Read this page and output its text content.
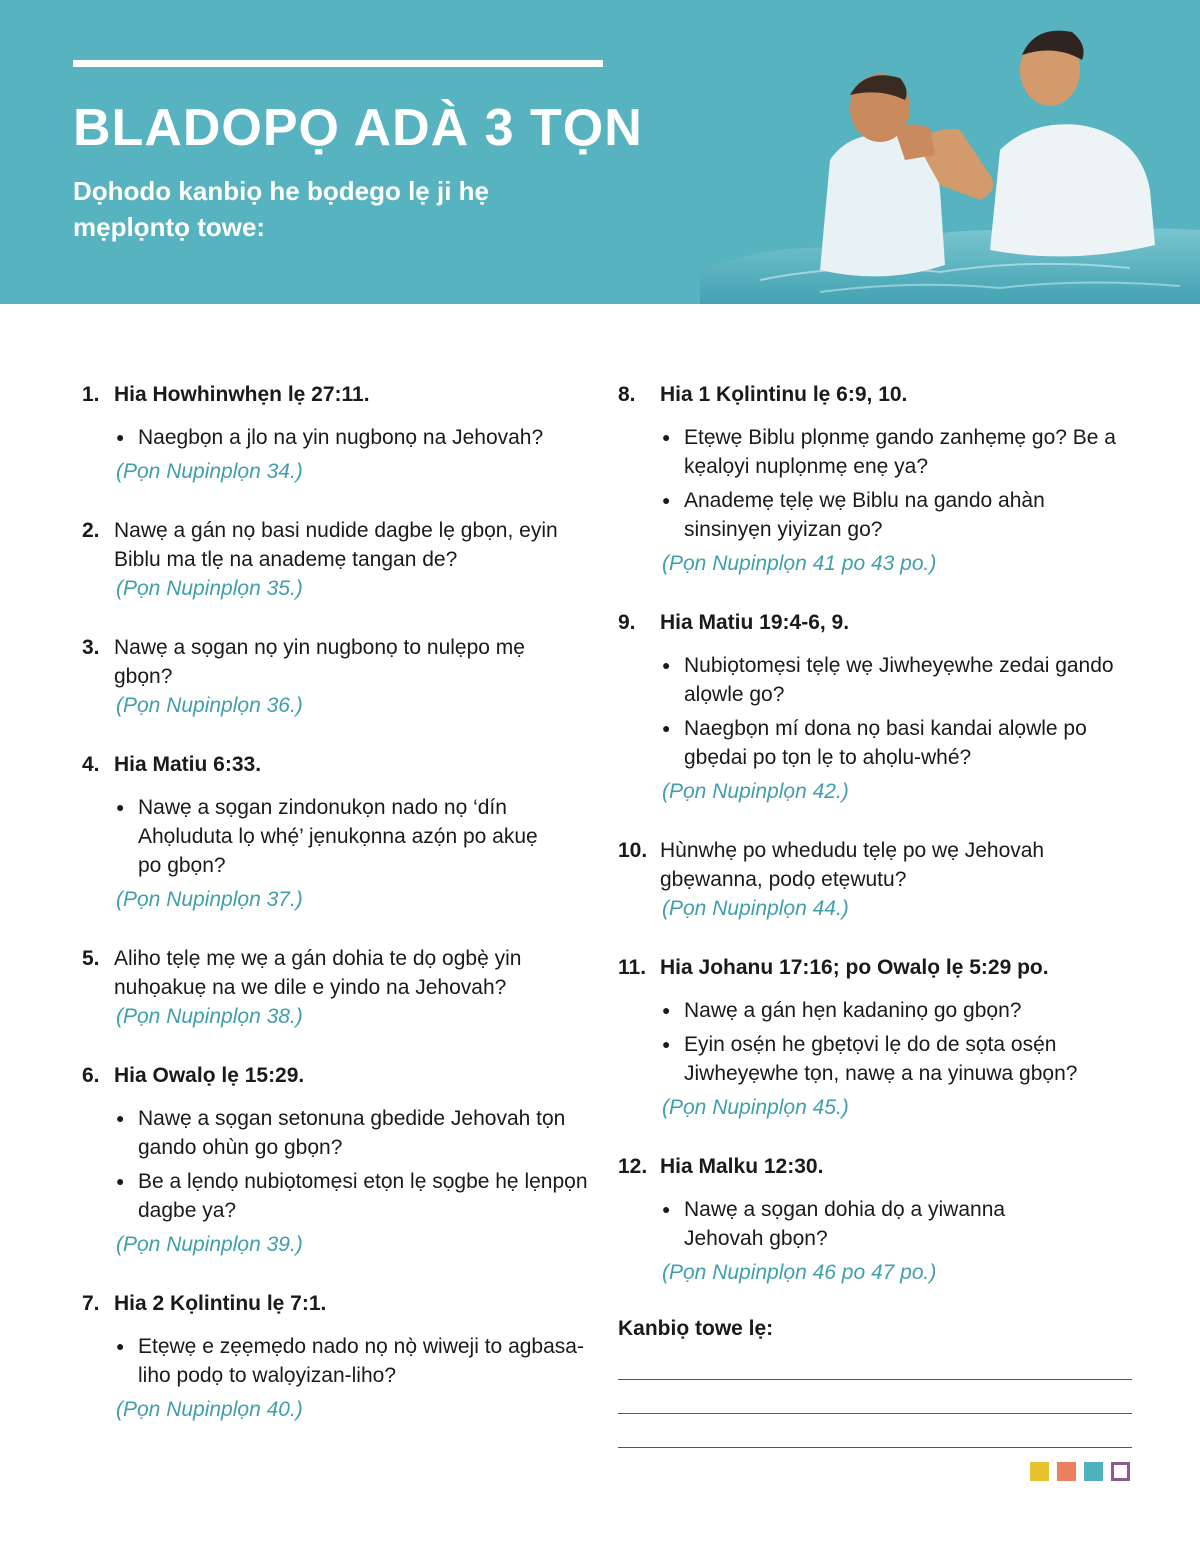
BLADOPỌ ADÀ 3 TỌN
Dọhodo kanbiọ he bọdego lẹ ji hẹ mẹplọntọ towe:
1. Hia Howhinwhẹn lẹ 27:11.
● Naegbọn a jlo na yin nugbonọ na Jehovah?
(Pọn Nupinplọn 34.)
2. Nawẹ a gán nọ basi nudide dagbe lẹ gbọn, eyin Biblu ma tlẹ na anademẹ tangan de?
(Pọn Nupinplọn 35.)
3. Nawẹ a sọgan nọ yin nugbonọ to nulẹpo mẹ gbọn?
(Pọn Nupinplọn 36.)
4. Hia Matiu 6:33.
● Nawẹ a sọgan zindonukọn nado nọ ‘dín Ahọluduta lọ whẹ́’ jẹnukọnna azọ́n po akuẹ po gbọn?
(Pọn Nupinplọn 37.)
5. Aliho tẹlẹ mẹ wẹ a gán dohia te dọ ogbẹ̀ yin nuhọakuẹ na we dile e yindo na Jehovah?
(Pọn Nupinplọn 38.)
6. Hia Owalọ lẹ 15:29.
● Nawẹ a sọgan setonuna gbedide Jehovah tọn gando ohùn go gbọn?
● Be a lẹndọ nubiọtomẹsi etọn lẹ sọgbe hẹ lẹnpọn dagbe ya?
(Pọn Nupinplọn 39.)
7. Hia 2 Kọlintinu lẹ 7:1.
● Etẹwẹ e zẹẹmẹdo nado nọ nọ̀ wiweji to agbasa-liho podọ to walọyizan-liho?
(Pọn Nupinplọn 40.)
8.	Hia 1 Kọlintinu lẹ 6:9, 10.
● Etẹwẹ Biblu plọnmẹ gando zanhẹmẹ go? Be a kẹalọyi nuplọnmẹ enẹ ya?
● Anademẹ tẹlẹ wẹ Biblu na gando ahàn sinsinyẹn yiyizan go?
(Pọn Nupinplọn 41 po 43 po.)
9.	Hia Matiu 19:4-6, 9.
● Nubiọtomẹsi tẹlẹ wẹ Jiwheyẹwhe zedai gando alọwle go?
● Naegbọn mí dona nọ basi kandai alọwle po gbẹdai po tọn lẹ to ahọlu-whé?
(Pọn Nupinplọn 42.)
10. Hùnwhẹ po whedudu tẹlẹ po wẹ Jehovah gbẹwanna, podọ etẹwutu?
(Pọn Nupinplọn 44.)
11. Hia Johanu 17:16; po Owalọ lẹ 5:29 po.
● Nawẹ a gán hẹn kadaninọ go gbọn?
● Eyin osẹ́n he gbẹtọvi lẹ do de sọta osẹ́n Jiwheyẹwhe tọn, nawẹ a na yinuwa gbọn?
(Pọn Nupinplọn 45.)
12. Hia Malku 12:30.
● Nawẹ a sọgan dohia dọ a yiwanna Jehovah gbọn?
(Pọn Nupinplọn 46 po 47 po.)
Kanbiọ towe lẹ:
